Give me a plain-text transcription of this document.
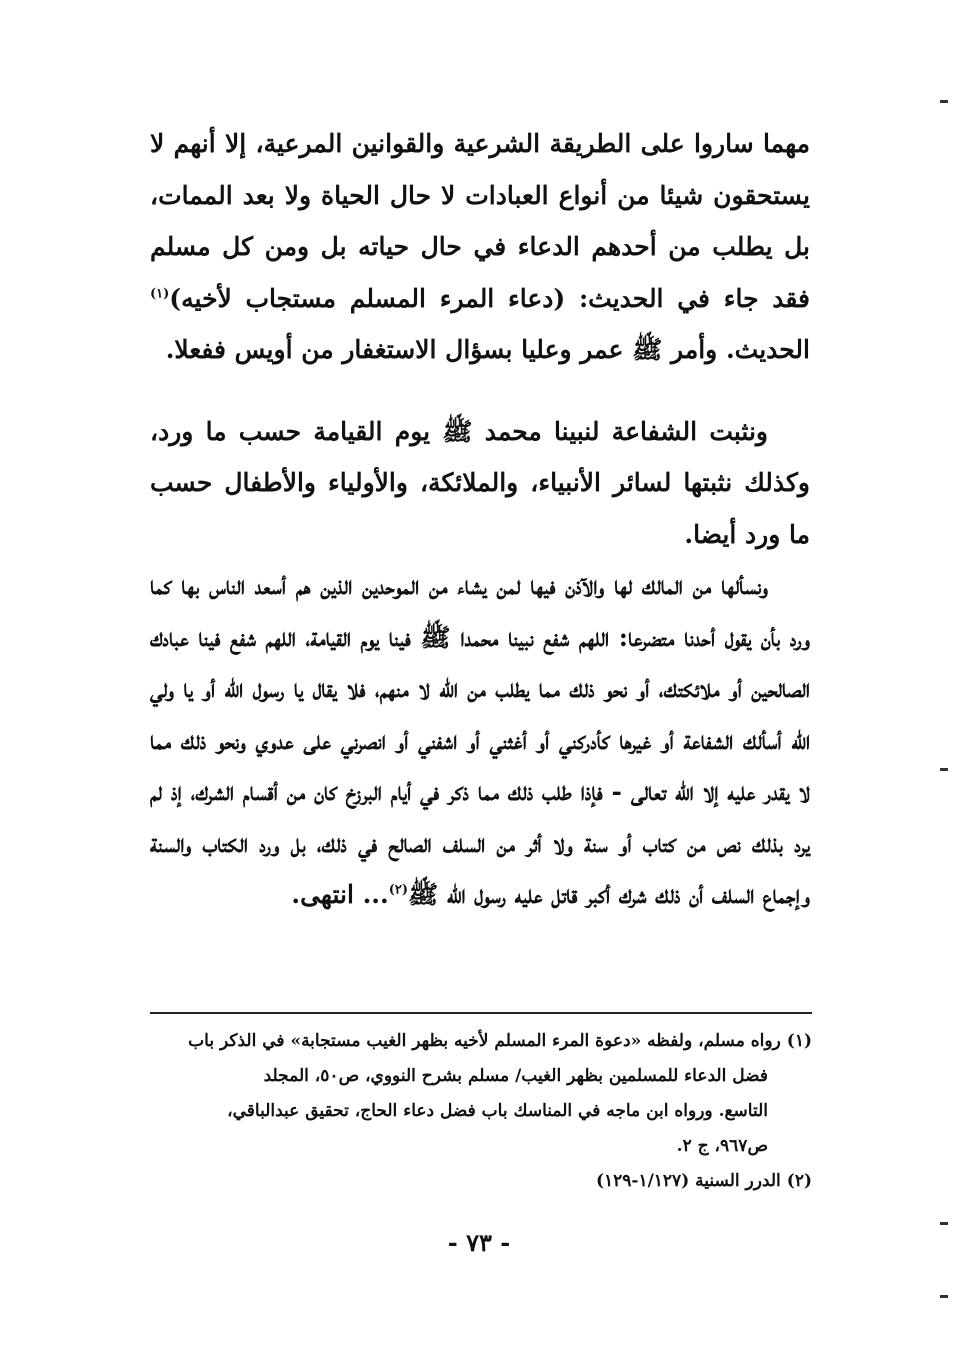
مهما ساروا على الطريقة الشرعية والقوانين المرعية، إلا أنهم لا يستحقون شيئا من أنواع العبادات لا حال الحياة ولا بعد الممات، بل يطلب من أحدهم الدعاء في حال حياته بل ومن كل مسلم فقد جاء في الحديث: (دعاء المرء المسلم مستجاب لأخيه)$^{(١)}$ الحديث. وأمر ﷺ عمر وعليا بسؤال الاستغفار من أويس ففعلا.

ونثبت الشفاعة لنبينا محمد ﷺ يوم القيامة حسب ما ورد، وكذلك نثبتها لسائر الأنبياء، والملائكة، والأولياء والأطفال حسب ما ورد أيضا.

ونسألها من المالك لها والآذن فيها لمن يشاء من الموحدين الذين هم أسعد الناس بها كما ورد بأن يقول أحدنا متضرعا: اللهم شفع نبينا محمدا ﷺ فينا يوم القيامة، اللهم شفع فينا عبادك الصالحين أو ملائكتك، أو نحو ذلك مما يطلب من الله لا منهم، فلا يقال يا رسول الله أو يا ولي الله أسألك الشفاعة أو غيرها كأدركني أو أغثني أو اشفني أو انصرني على عدوي ونحو ذلك مما لا يقدر عليه إلا الله تعالى - فإذا طلب ذلك مما ذكر في أيام البرزخ كان من أقسام الشرك، إذ لم يرد بذلك نص من كتاب أو سنة ولا أثر من السلف الصالح في ذلك، بل ورد الكتاب والسنة وإجماع السلف أن ذلك شرك أكبر قاتل عليه رسول الله ﷺ$^{(٢)}$... انتهى.

(١)رواه مسلم، ولفظه «دعوة المرء المسلم لأخيه بظهر الغيب مستجابة» في الذكر باب

فضل الدعاء للمسلمين بظهر الغيب/ مسلم بشرح النووي، ص٥٠، المجلد

التاسع. ورواه ابن ماجه في المناسك باب فضل دعاء الحاج، تحقيق عبدالباقي،

ص٩٦٧، ج ٢.

(٢)الدرر السنية (١/١٢٧-١٢٩)

- ٧٣ -
